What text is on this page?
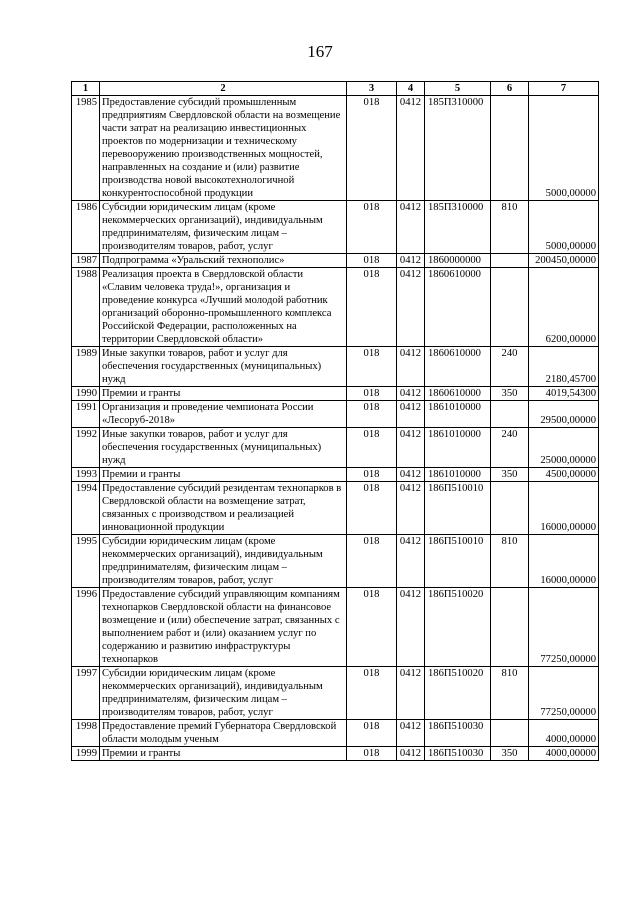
167
1	2	3	4	5	6	7
1985	Предоставление субсидий промышленным предприятиям Свердловской области на возмещение части затрат на реализацию инвестиционных проектов по модернизации и техническому перевооружению производственных мощностей, направленных на создание и (или) развитие производства новой высокотехнологичной конкурентоспособной продукции	018	0412	185П310000		5000,00000
1986	Субсидии юридическим лицам (кроме некоммерческих организаций), индивидуальным предпринимателям, физическим лицам – производителям товаров, работ, услуг	018	0412	185П310000	810	5000,00000
1987	Подпрограмма «Уральский технополис»	018	0412	1860000000		200450,00000
1988	Реализация проекта в Свердловской области «Славим человека труда!», организация и проведение конкурса «Лучший молодой работник организаций оборонно-промышленного комплекса Российской Федерации, расположенных на территории Свердловской области»	018	0412	1860610000		6200,00000
1989	Иные закупки товаров, работ и услуг для обеспечения государственных (муниципальных) нужд	018	0412	1860610000	240	2180,45700
1990	Премии и гранты	018	0412	1860610000	350	4019,54300
1991	Организация и проведение чемпионата России «Лесоруб-2018»	018	0412	1861010000		29500,00000
1992	Иные закупки товаров, работ и услуг для обеспечения государственных (муниципальных) нужд	018	0412	1861010000	240	25000,00000
1993	Премии и гранты	018	0412	1861010000	350	4500,00000
1994	Предоставление субсидий резидентам технопарков в Свердловской области на возмещение затрат, связанных с производством и реализацией инновационной продукции	018	0412	186П510010		16000,00000
1995	Субсидии юридическим лицам (кроме некоммерческих организаций), индивидуальным предпринимателям, физическим лицам – производителям товаров, работ, услуг	018	0412	186П510010	810	16000,00000
1996	Предоставление субсидий управляющим компаниям технопарков Свердловской области на финансовое возмещение и (или) обеспечение затрат, связанных с выполнением работ и (или) оказанием услуг по содержанию и развитию инфраструктуры технопарков	018	0412	186П510020		77250,00000
1997	Субсидии юридическим лицам (кроме некоммерческих организаций), индивидуальным предпринимателям, физическим лицам – производителям товаров, работ, услуг	018	0412	186П510020	810	77250,00000
1998	Предоставление премий Губернатора Свердловской области молодым ученым	018	0412	186П510030		4000,00000
1999	Премии и гранты	018	0412	186П510030	350	4000,00000
